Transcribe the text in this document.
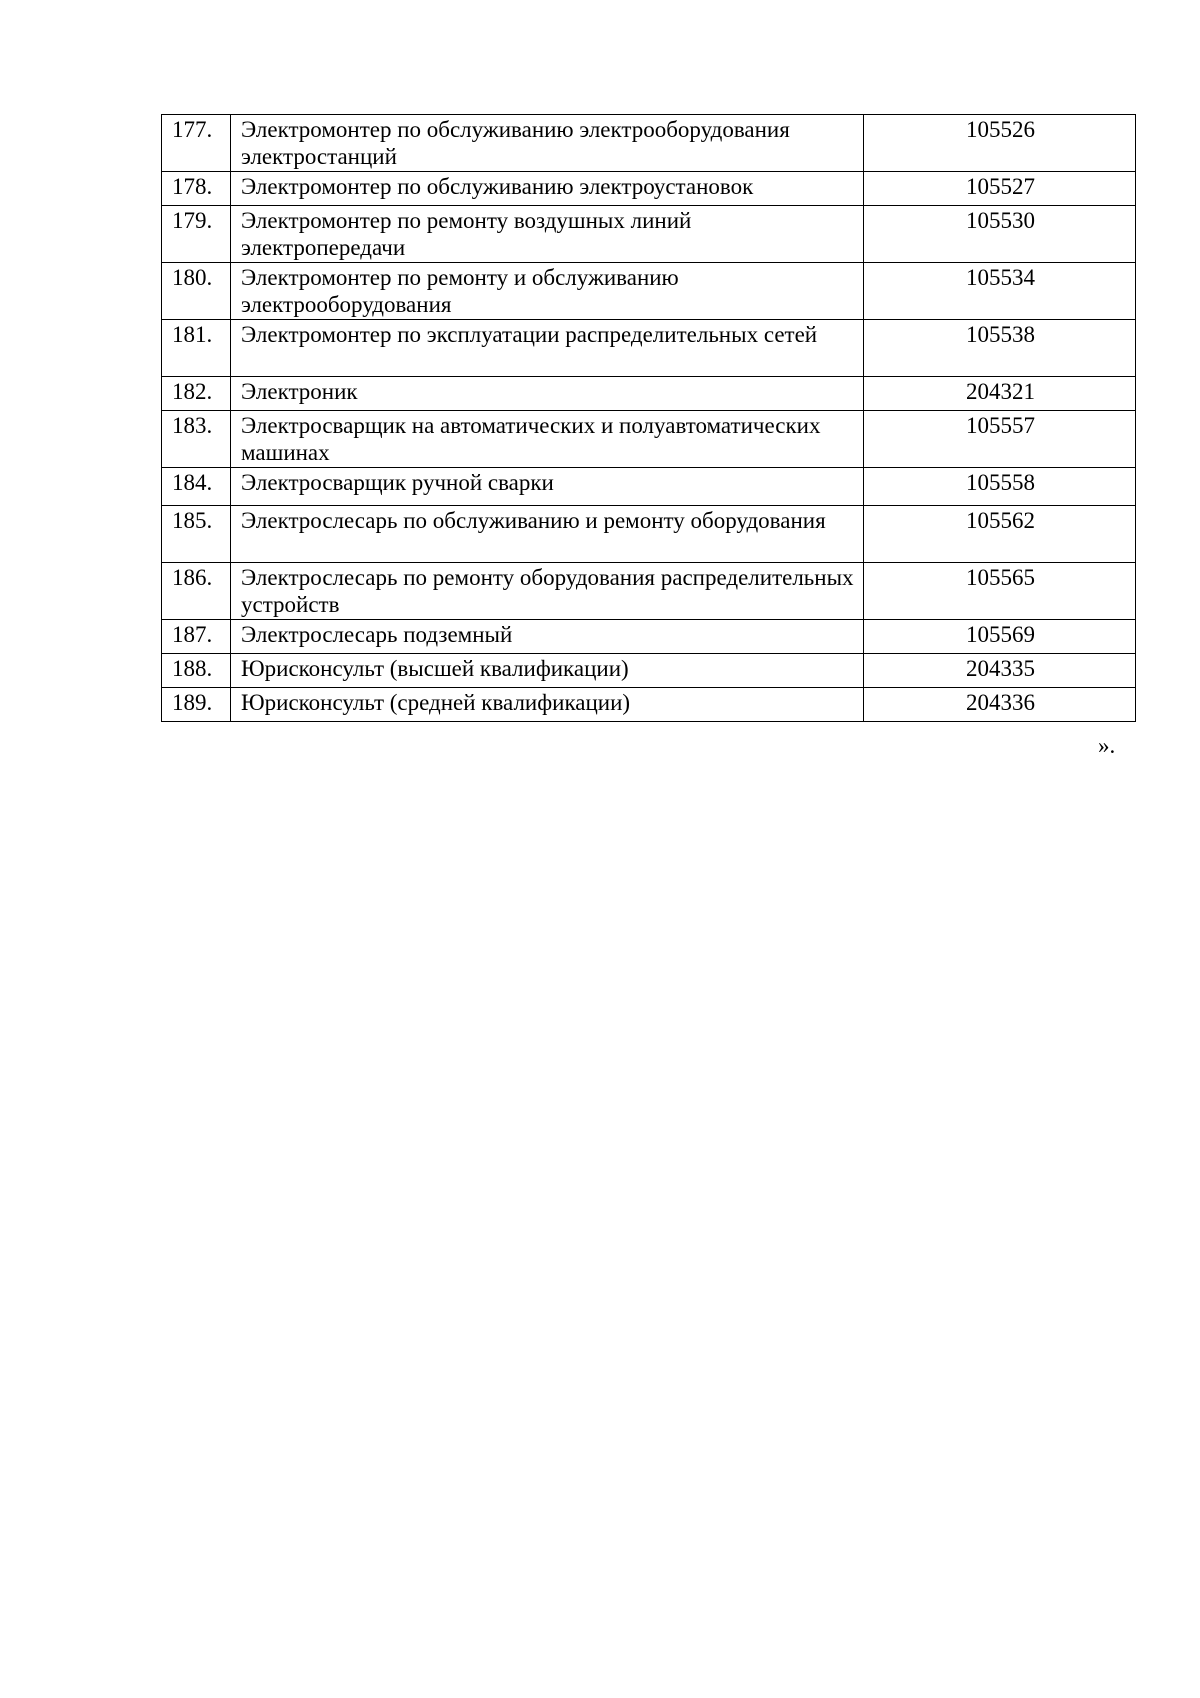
177.	Электромонтер по обслуживанию электрооборудования электростанций	105526
178.	Электромонтер по обслуживанию электроустановок	105527
179.	Электромонтер по ремонту воздушных линий электропередачи	105530
180.	Электромонтер по ремонту и обслуживанию электрооборудования	105534
181.	Электромонтер по эксплуатации распределительных сетей	105538
182.	Электроник	204321
183.	Электросварщик на автоматических и полуавтоматических машинах	105557
184.	Электросварщик ручной сварки	105558
185.	Электрослесарь по обслуживанию и ремонту оборудования	105562
186.	Электрослесарь по ремонту оборудования распределительных устройств	105565
187.	Электрослесарь подземный	105569
188.	Юрисконсульт (высшей квалификации)	204335
189.	Юрисконсульт (средней квалификации)	204336
».
